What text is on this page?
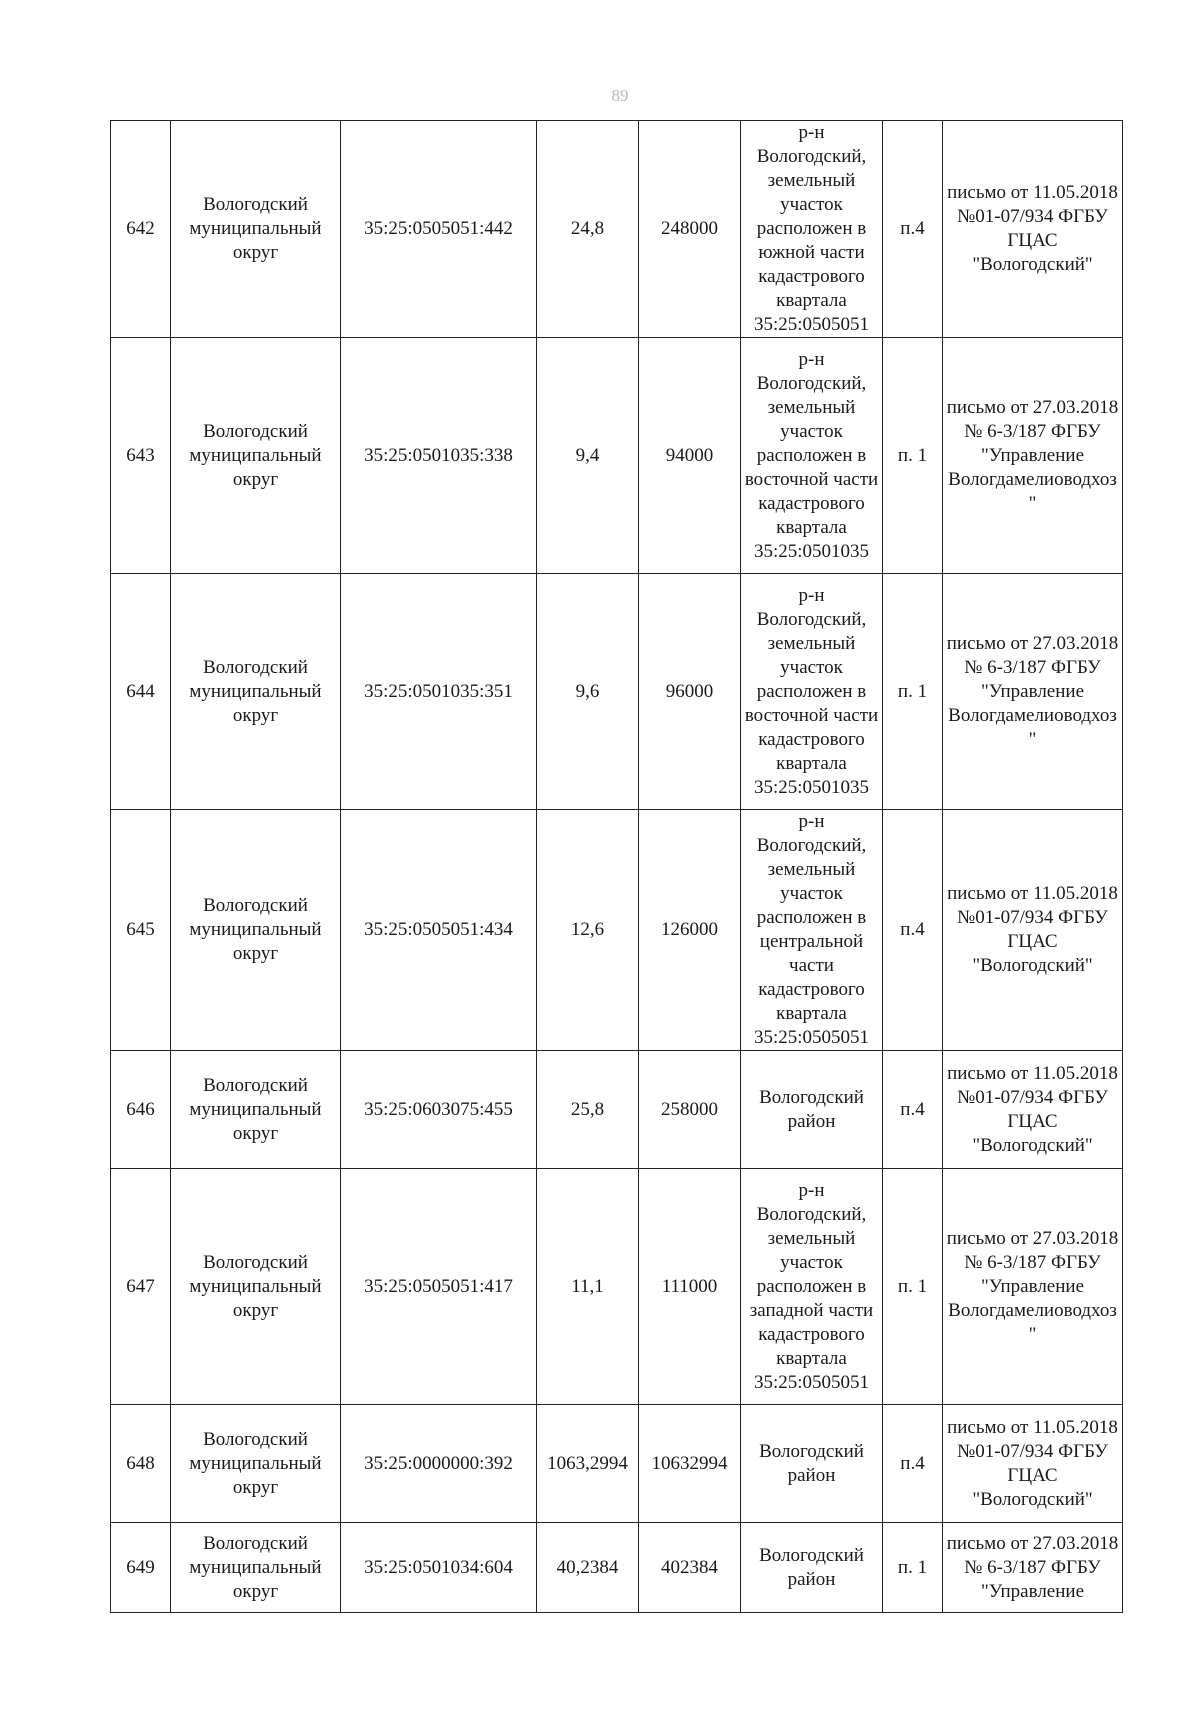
89
642	Вологодский муниципальный округ	35:25:0505051:442	24,8	248000	р-н Вологодский, земельный участок расположен в южной части кадастрового квартала 35:25:0505051	п.4	письмо от 11.05.2018 №01-07/934 ФГБУ ГЦАС "Вологодский"
643	Вологодский муниципальный округ	35:25:0501035:338	9,4	94000	р-н Вологодский, земельный участок расположен в восточной части кадастрового квартала 35:25:0501035	п. 1	письмо от 27.03.2018 № 6-3/187 ФГБУ "Управление Вологдамелиоводхоз"
644	Вологодский муниципальный округ	35:25:0501035:351	9,6	96000	р-н Вологодский, земельный участок расположен в восточной части кадастрового квартала 35:25:0501035	п. 1	письмо от 27.03.2018 № 6-3/187 ФГБУ "Управление Вологдамелиоводхоз"
645	Вологодский муниципальный округ	35:25:0505051:434	12,6	126000	р-н Вологодский, земельный участок расположен в центральной части кадастрового квартала 35:25:0505051	п.4	письмо от 11.05.2018 №01-07/934 ФГБУ ГЦАС "Вологодский"
646	Вологодский муниципальный округ	35:25:0603075:455	25,8	258000	Вологодский район	п.4	письмо от 11.05.2018 №01-07/934 ФГБУ ГЦАС "Вологодский"
647	Вологодский муниципальный округ	35:25:0505051:417	11,1	111000	р-н Вологодский, земельный участок расположен в западной части кадастрового квартала 35:25:0505051	п. 1	письмо от 27.03.2018 № 6-3/187 ФГБУ "Управление Вологдамелиоводхоз"
648	Вологодский муниципальный округ	35:25:0000000:392	1063,2994	10632994	Вологодский район	п.4	письмо от 11.05.2018 №01-07/934 ФГБУ ГЦАС "Вологодский"
649	Вологодский муниципальный округ	35:25:0501034:604	40,2384	402384	Вологодский район	п. 1	письмо от 27.03.2018 № 6-3/187 ФГБУ "Управление
